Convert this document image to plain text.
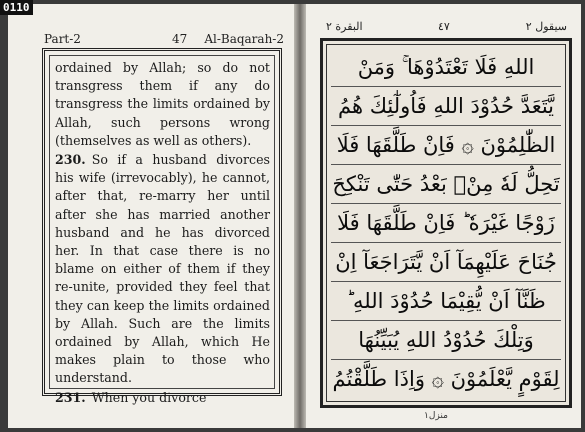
0110
Part-2	47 Al-Baqarah-2

ordained by Allah; so do not transgress them if any do transgress the limits ordained by Allah, such persons wrong (themselves as well as others).

230. So if a husband divorces his wife (irrevocably), he cannot, after that, re-marry her until after she has married another husband and he has divorced her. In that case there is no blame on either of them if they re-unite, provided they feel that they can keep the limits ordained by Allah. Such are the limits ordained by Allah, which He makes plain to those who understand.

231. When you divorce

سيقول ٢
٤٧
البقرة ٢
اللهِ فَلَا تَعْتَدُوْهَا ۚ وَمَنْ
يَّتَعَدَّ حُدُوْدَ اللهِ فَاُولٰٓئِكَ هُمُ
الظّٰلِمُوْنَ ۞ فَاِنْ طَلَّقَهَا فَلَا
تَحِلُّ لَهٗ مِنْۢ بَعْدُ حَتّٰى تَنْكِحَ
زَوْجًا غَيْرَهٗ ؕ فَاِنْ طَلَّقَهَا فَلَا
جُنَاحَ عَلَيْهِمَآ اَنْ يَّتَرَاجَعَآ اِنْ
ظَنَّآ اَنْ يُّقِيْمَا حُدُوْدَ اللهِ ؕ
وَتِلْكَ حُدُوْدُ اللهِ يُبَيِّنُهَا
لِقَوْمٍ يَّعْلَمُوْنَ ۞ وَاِذَا طَلَّقْتُمُ
منزل١
